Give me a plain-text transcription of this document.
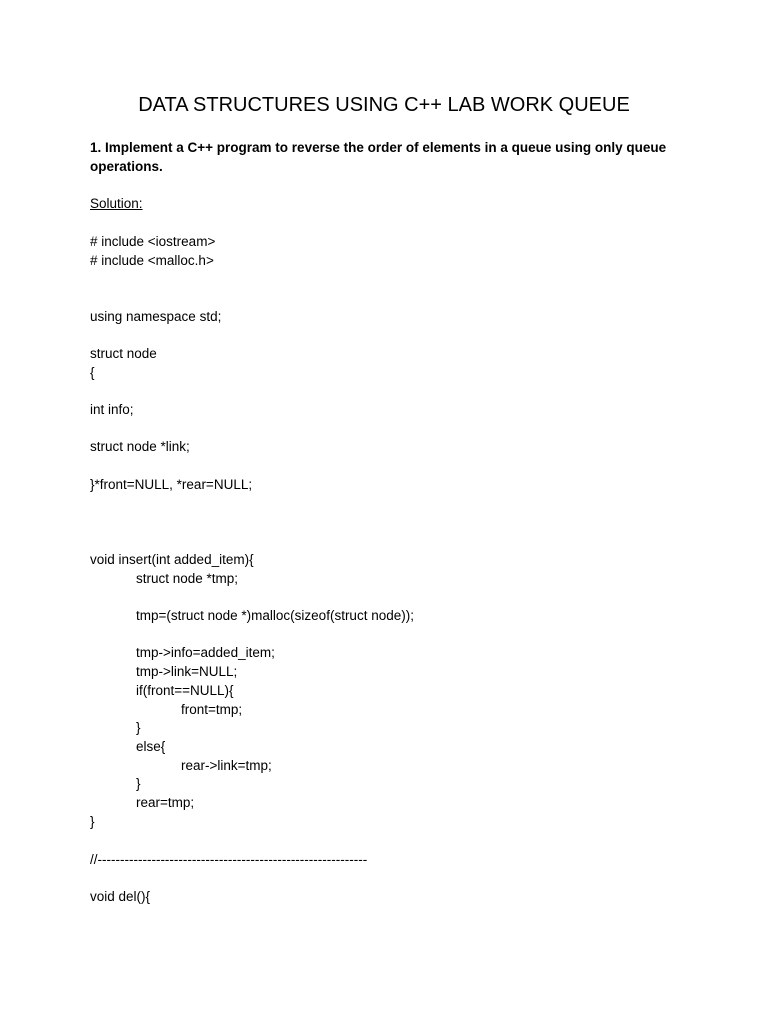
DATA STRUCTURES USING C++ LAB WORK QUEUE
1. Implement a C++ program to reverse the order of elements in a queue using only queue operations.
Solution:
# include <iostream>
# include <malloc.h>
using namespace std;
struct node
{
int info;
struct node *link;
}*front=NULL, *rear=NULL;
void insert(int added_item){
struct node *tmp;
tmp=(struct node *)malloc(sizeof(struct node));
tmp->info=added_item;
tmp->link=NULL;
if(front==NULL){
front=tmp;
}
else{
rear->link=tmp;
}
rear=tmp;
}
//------------------------------------------------------------
void del(){
